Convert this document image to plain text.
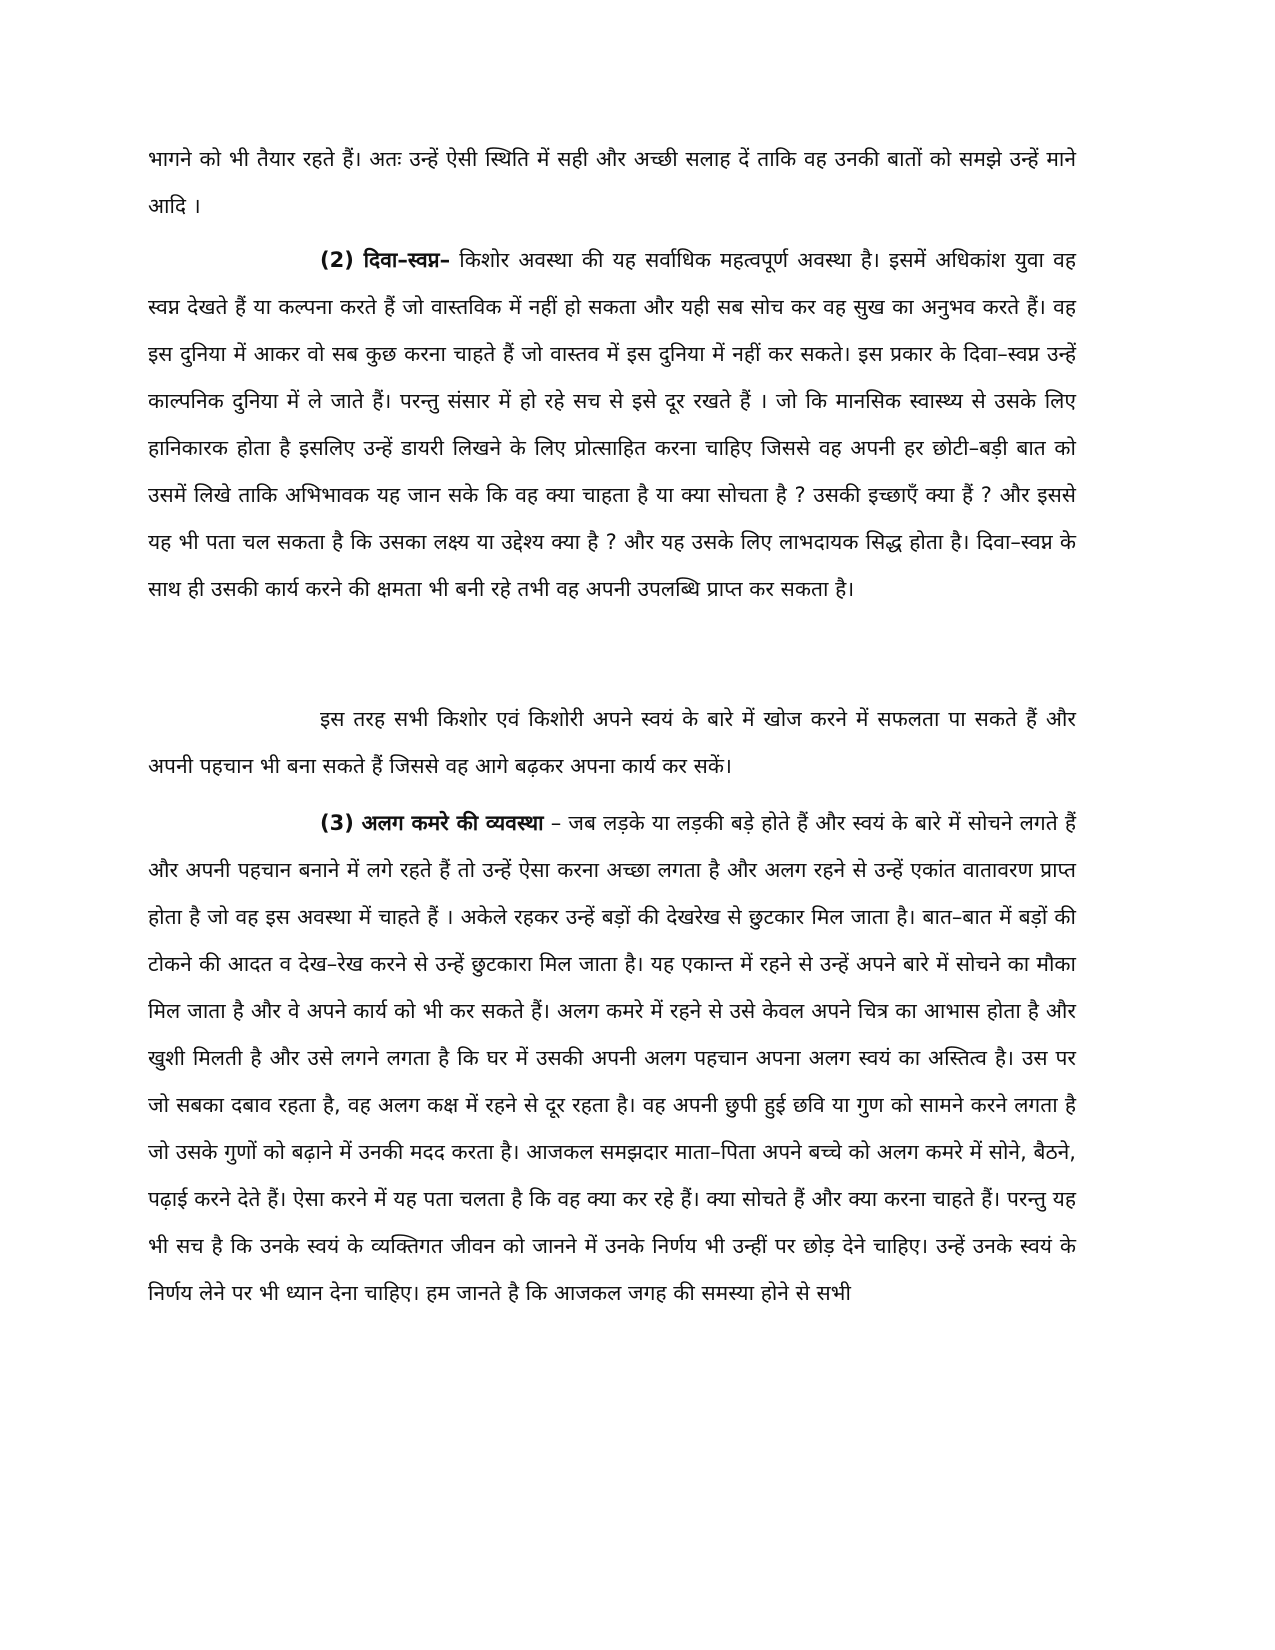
भागने को भी तैयार रहते हैं। अतः उन्हें ऐसी स्थिति में सही और अच्छी सलाह दें ताकि वह उनकी बातों को समझे उन्हें माने आदि ।

(2) दिवा–स्वप्न– किशोर अवस्था की यह सर्वाधिक महत्वपूर्ण अवस्था है। इसमें अधिकांश युवा वह स्वप्न देखते हैं या कल्पना करते हैं जो वास्तविक में नहीं हो सकता और यही सब सोच कर वह सुख का अनुभव करते हैं। वह इस दुनिया में आकर वो सब कुछ करना चाहते हैं जो वास्तव में इस दुनिया में नहीं कर सकते। इस प्रकार के दिवा–स्वप्न उन्हें काल्पनिक दुनिया में ले जाते हैं। परन्तु संसार में हो रहे सच से इसे दूर रखते हैं । जो कि मानसिक स्वास्थ्य से उसके लिए हानिकारक होता है इसलिए उन्हें डायरी लिखने के लिए प्रोत्साहित करना चाहिए जिससे वह अपनी हर छोटी–बड़ी बात को उसमें लिखे ताकि अभिभावक यह जान सके कि वह क्या चाहता है या क्या सोचता है ? उसकी इच्छाएँ क्या हैं ? और इससे यह भी पता चल सकता है कि उसका लक्ष्य या उद्देश्य क्या है ? और यह उसके लिए लाभदायक सिद्ध होता है। दिवा–स्वप्न के साथ ही उसकी कार्य करने की क्षमता भी बनी रहे तभी वह अपनी उपलब्धि प्राप्त कर सकता है।

इस तरह सभी किशोर एवं किशोरी अपने स्वयं के बारे में खोज करने में सफलता पा सकते हैं और अपनी पहचान भी बना सकते हैं जिससे वह आगे बढ़कर अपना कार्य कर सकें।

(3) अलग कमरे की व्यवस्था – जब लड़के या लड़की बड़े होते हैं और स्वयं के बारे में सोचने लगते हैं और अपनी पहचान बनाने में लगे रहते हैं तो उन्हें ऐसा करना अच्छा लगता है और अलग रहने से उन्हें एकांत वातावरण प्राप्त होता है जो वह इस अवस्था में चाहते हैं । अकेले रहकर उन्हें बड़ों की देखरेख से छुटकार मिल जाता है। बात–बात में बड़ों की टोकने की आदत व देख–रेख करने से उन्हें छुटकारा मिल जाता है। यह एकान्त में रहने से उन्हें अपने बारे में सोचने का मौका मिल जाता है और वे अपने कार्य को भी कर सकते हैं। अलग कमरे में रहने से उसे केवल अपने चित्र का आभास होता है और खुशी मिलती है और उसे लगने लगता है कि घर में उसकी अपनी अलग पहचान अपना अलग स्वयं का अस्तित्व है। उस पर जो सबका दबाव रहता है, वह अलग कक्ष में रहने से दूर रहता है। वह अपनी छुपी हुई छवि या गुण को सामने करने लगता है जो उसके गुणों को बढ़ाने में उनकी मदद करता है। आजकल समझदार माता–पिता अपने बच्चे को अलग कमरे में सोने, बैठने, पढ़ाई करने देते हैं। ऐसा करने में यह पता चलता है कि वह क्या कर रहे हैं। क्या सोचते हैं और क्या करना चाहते हैं। परन्तु यह भी सच है कि उनके स्वयं के व्यक्तिगत जीवन को जानने में उनके निर्णय भी उन्हीं पर छोड़ देने चाहिए। उन्हें उनके स्वयं के निर्णय लेने पर भी ध्यान देना चाहिए। हम जानते है कि आजकल जगह की समस्या होने से सभी
